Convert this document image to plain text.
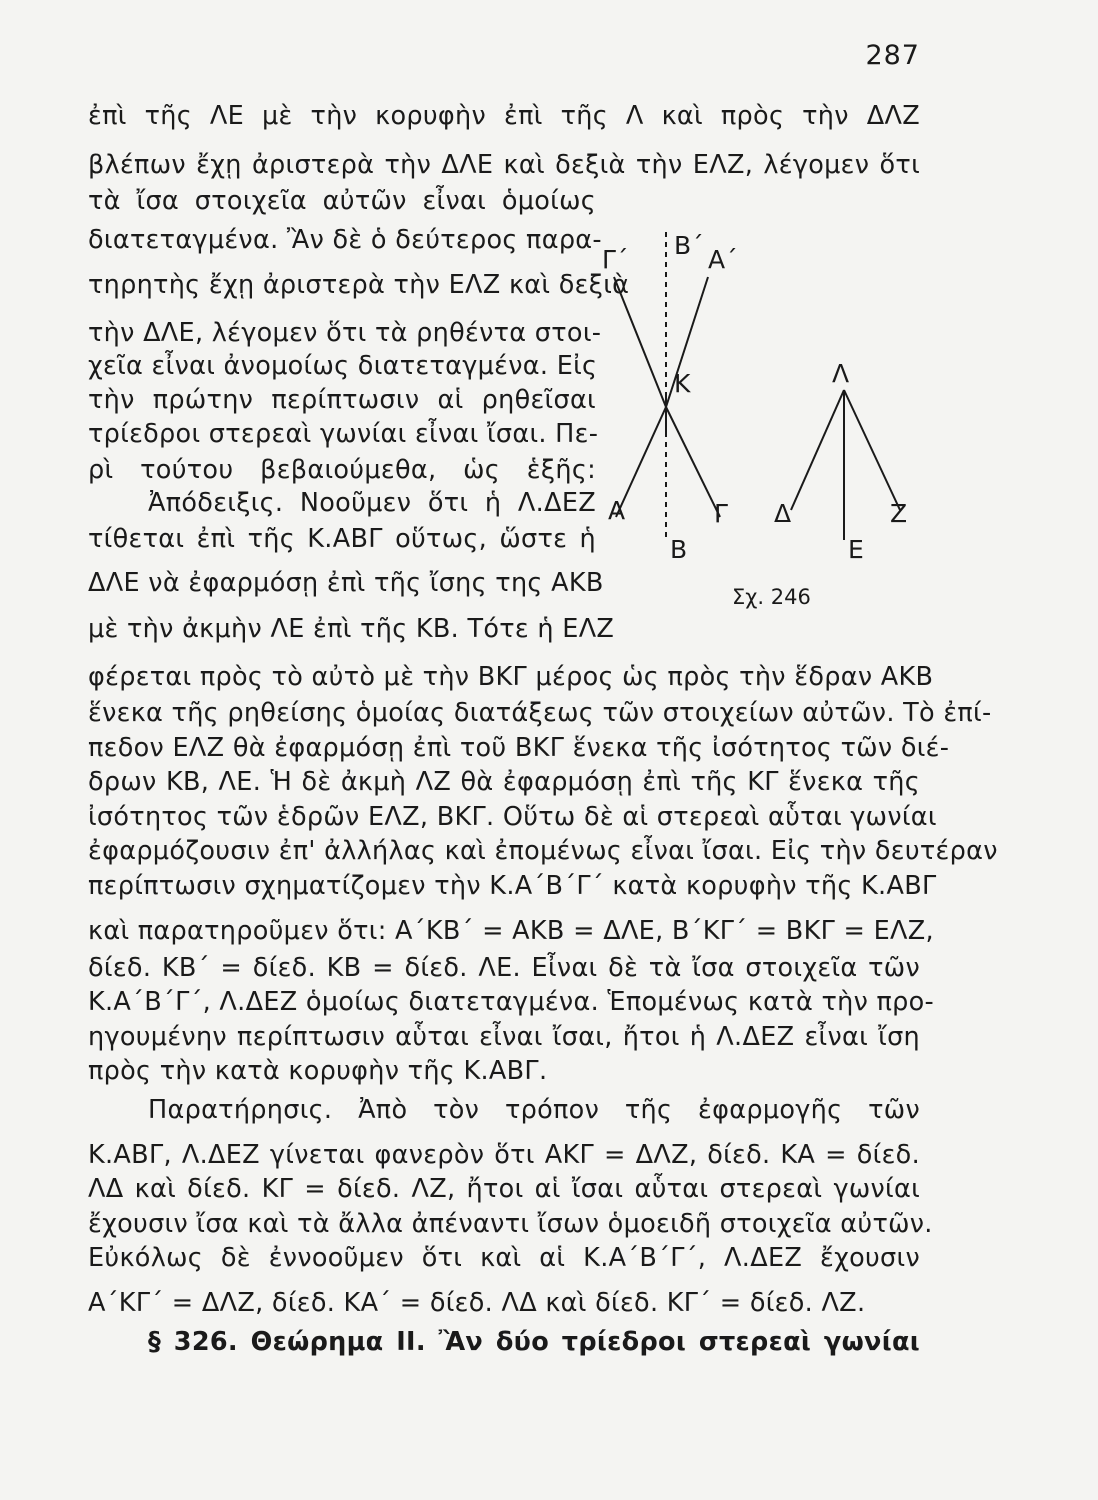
287
ἐπὶ τῆς ΛΕ μὲ τὴν κορυφὴν ἐπὶ τῆς Λ καὶ πρὸς τὴν ΔΛΖ
βλέπων ἔχῃ ἀριστερὰ τὴν ΔΛΕ καὶ δεξιὰ τὴν ΕΛΖ, λέγομεν ὅτι
τὰ ἴσα στοιχεῖα αὐτῶν εἶναι ὁμοίως
διατεταγμένα. Ἂν δὲ ὁ δεύτερος παρα-
τηρητὴς ἔχῃ ἀριστερὰ τὴν ΕΛΖ καὶ δεξιὰ
τὴν ΔΛΕ, λέγομεν ὅτι τὰ ρηθέντα στοι-
χεῖα εἶναι ἀνομοίως διατεταγμένα. Εἰς
τὴν πρώτην περίπτωσιν αἱ ρηθεῖσαι
τρίεδροι στερεαὶ γωνίαι εἶναι ἴσαι. Πε-
ρὶ τούτου βεβαιούμεθα, ὡς ἑξῆς:
Ἀπόδειξις. Νοοῦμεν ὅτι ἡ Λ.ΔΕΖ
τίθεται ἐπὶ τῆς Κ.ΑΒΓ οὕτως, ὥστε ἡ
ΔΛΕ νὰ ἐφαρμόσῃ ἐπὶ τῆς ἴσης της ΑΚΒ
μὲ τὴν ἀκμὴν ΛΕ ἐπὶ τῆς ΚΒ. Τότε ἡ ΕΛΖ
φέρεται πρὸς τὸ αὐτὸ μὲ τὴν ΒΚΓ μέρος ὡς πρὸς τὴν ἕδραν ΑΚΒ
ἕνεκα τῆς ρηθείσης ὁμοίας διατάξεως τῶν στοιχείων αὐτῶν. Τὸ ἐπί-
πεδον ΕΛΖ θὰ ἐφαρμόσῃ ἐπὶ τοῦ ΒΚΓ ἕνεκα τῆς ἰσότητος τῶν διέ-
δρων ΚΒ, ΛΕ. Ἡ δὲ ἀκμὴ ΛΖ θὰ ἐφαρμόσῃ ἐπὶ τῆς ΚΓ ἕνεκα τῆς
ἰσότητος τῶν ἑδρῶν ΕΛΖ, ΒΚΓ. Οὕτω δὲ αἱ στερεαὶ αὗται γωνίαι
ἐφαρμόζουσιν ἐπ' ἀλλήλας καὶ ἐπομένως εἶναι ἴσαι. Εἰς τὴν δευτέραν
περίπτωσιν σχηματίζομεν τὴν Κ.Α΄Β΄Γ΄ κατὰ κορυφὴν τῆς Κ.ΑΒΓ
καὶ παρατηροῦμεν ὅτι: Α΄ΚΒ΄ = ΑΚΒ = ΔΛΕ, Β΄ΚΓ΄ = ΒΚΓ = ΕΛΖ,
δίεδ. ΚΒ΄ = δίεδ. ΚΒ = δίεδ. ΛΕ. Εἶναι δὲ τὰ ἴσα στοιχεῖα τῶν
Κ.Α΄Β΄Γ΄, Λ.ΔΕΖ ὁμοίως διατεταγμένα. Ἑπομένως κατὰ τὴν προ-
ηγουμένην περίπτωσιν αὗται εἶναι ἴσαι, ἤτοι ἡ Λ.ΔΕΖ εἶναι ἴση
πρὸς τὴν κατὰ κορυφὴν τῆς Κ.ΑΒΓ.
Παρατήρησις. Ἀπὸ τὸν τρόπον τῆς ἐφαρμογῆς τῶν
Κ.ΑΒΓ, Λ.ΔΕΖ γίνεται φανερὸν ὅτι ΑΚΓ = ΔΛΖ, δίεδ. ΚΑ = δίεδ.
ΛΔ καὶ δίεδ. ΚΓ = δίεδ. ΛΖ, ἤτοι αἱ ἴσαι αὗται στερεαὶ γωνίαι
ἔχουσιν ἴσα καὶ τὰ ἄλλα ἀπέναντι ἴσων ὁμοειδῆ στοιχεῖα αὐτῶν.
Εὐκόλως δὲ ἐννοοῦμεν ὅτι καὶ αἱ Κ.Α΄Β΄Γ΄, Λ.ΔΕΖ ἔχουσιν
Α΄ΚΓ΄ = ΔΛΖ, δίεδ. ΚΑ΄ = δίεδ. ΛΔ καὶ δίεδ. ΚΓ΄ = δίεδ. ΛΖ.
§ 326. Θεώρημα ΙΙ. Ἂν δύο τρίεδροι στερεαὶ γωνίαι
Β΄
Γ΄	Α΄
Κ
Α
Β
Γ
Λ
Δ
Ε
Ζ
Σχ. 246
